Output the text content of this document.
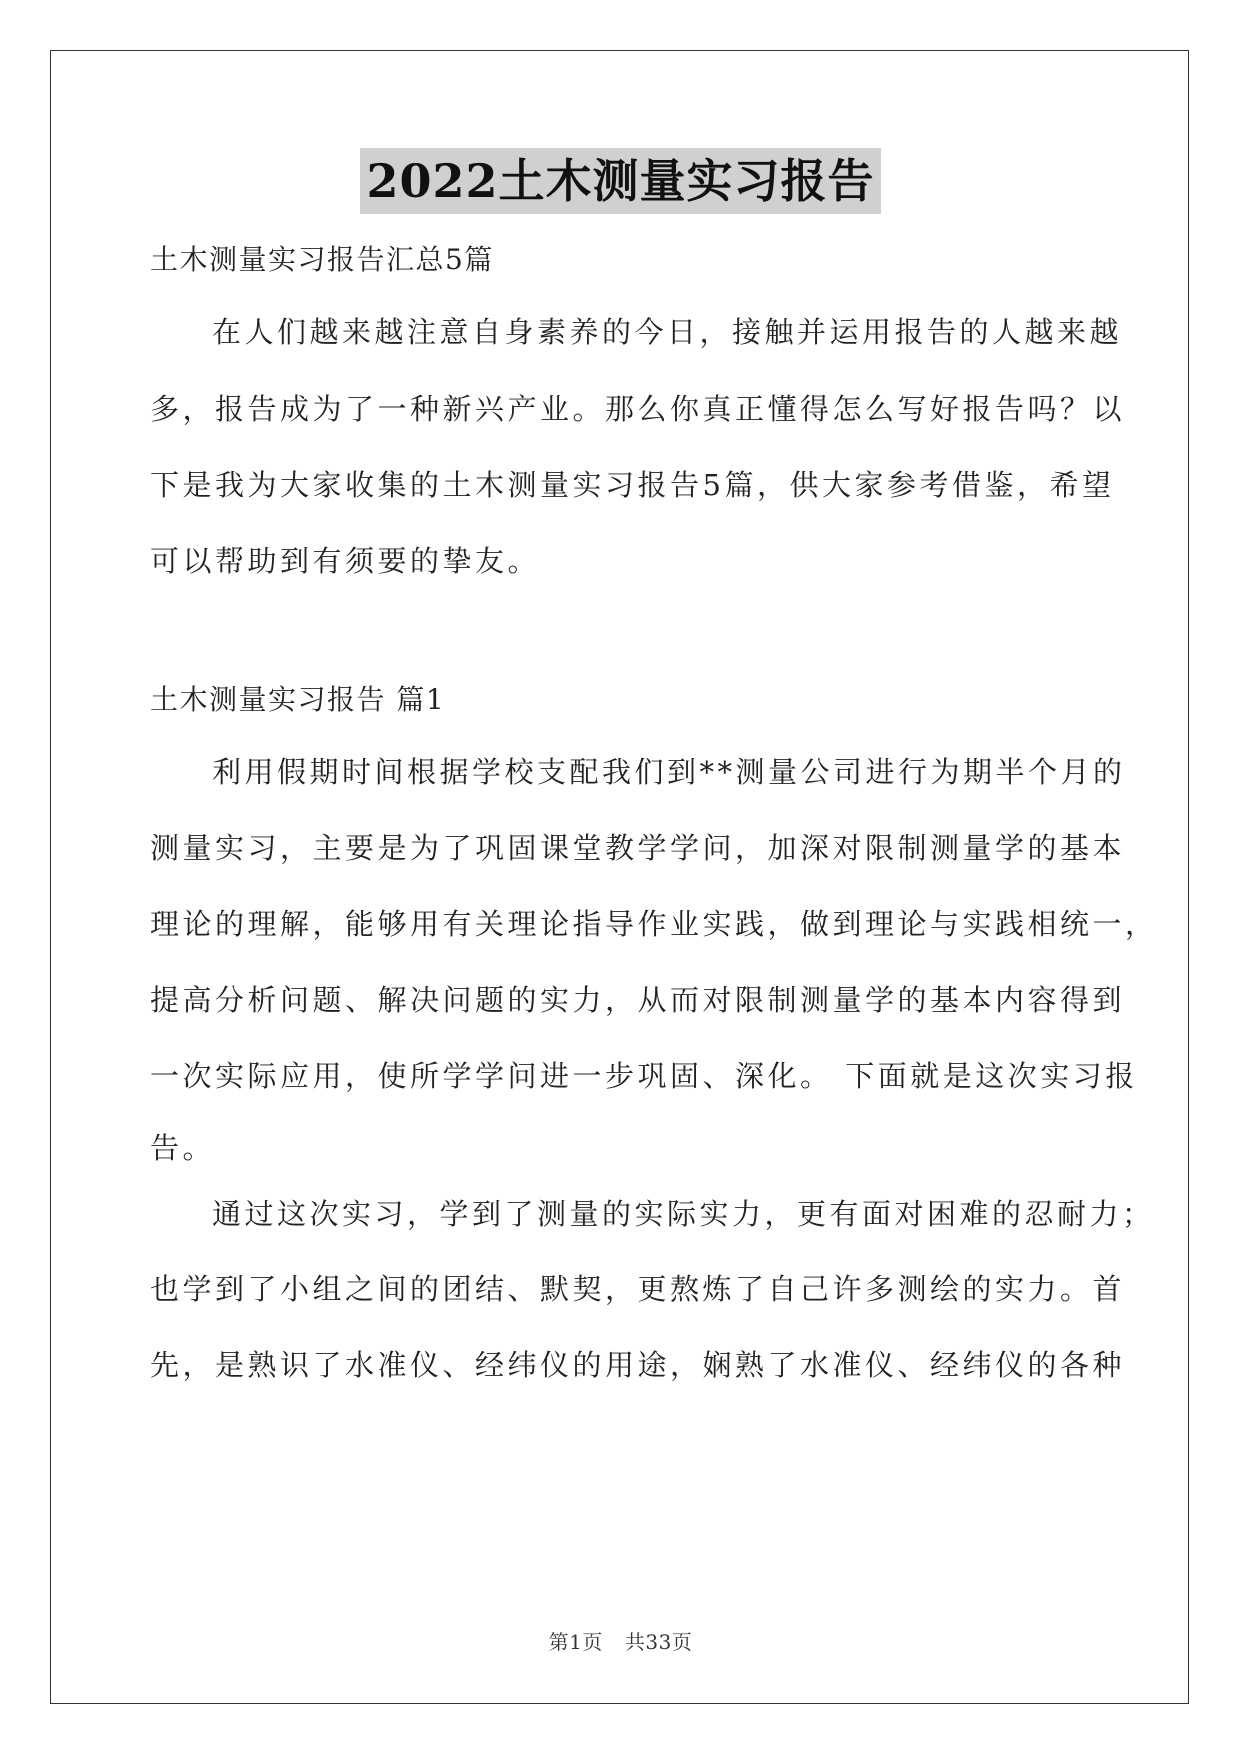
2022土木测量实习报告
土木测量实习报告汇总5篇
在人们越来越注意自身素养的今日，接触并运用报告的人越来越
多，报告成为了一种新兴产业。那么你真正懂得怎么写好报告吗？以
下是我为大家收集的土木测量实习报告5篇，供大家参考借鉴，希望
可以帮助到有须要的挚友。
土木测量实习报告 篇1
利用假期时间根据学校支配我们到**测量公司进行为期半个月的
测量实习，主要是为了巩固课堂教学学问，加深对限制测量学的基本
理论的理解，能够用有关理论指导作业实践，做到理论与实践相统一，
提高分析问题、解决问题的实力，从而对限制测量学的基本内容得到
一次实际应用，使所学学问进一步巩固、深化。 下面就是这次实习报
告。
通过这次实习，学到了测量的实际实力，更有面对困难的忍耐力；
也学到了小组之间的团结、默契，更熬炼了自己许多测绘的实力。首
先，是熟识了水准仪、经纬仪的用途，娴熟了水准仪、经纬仪的各种
第1页 共33页
